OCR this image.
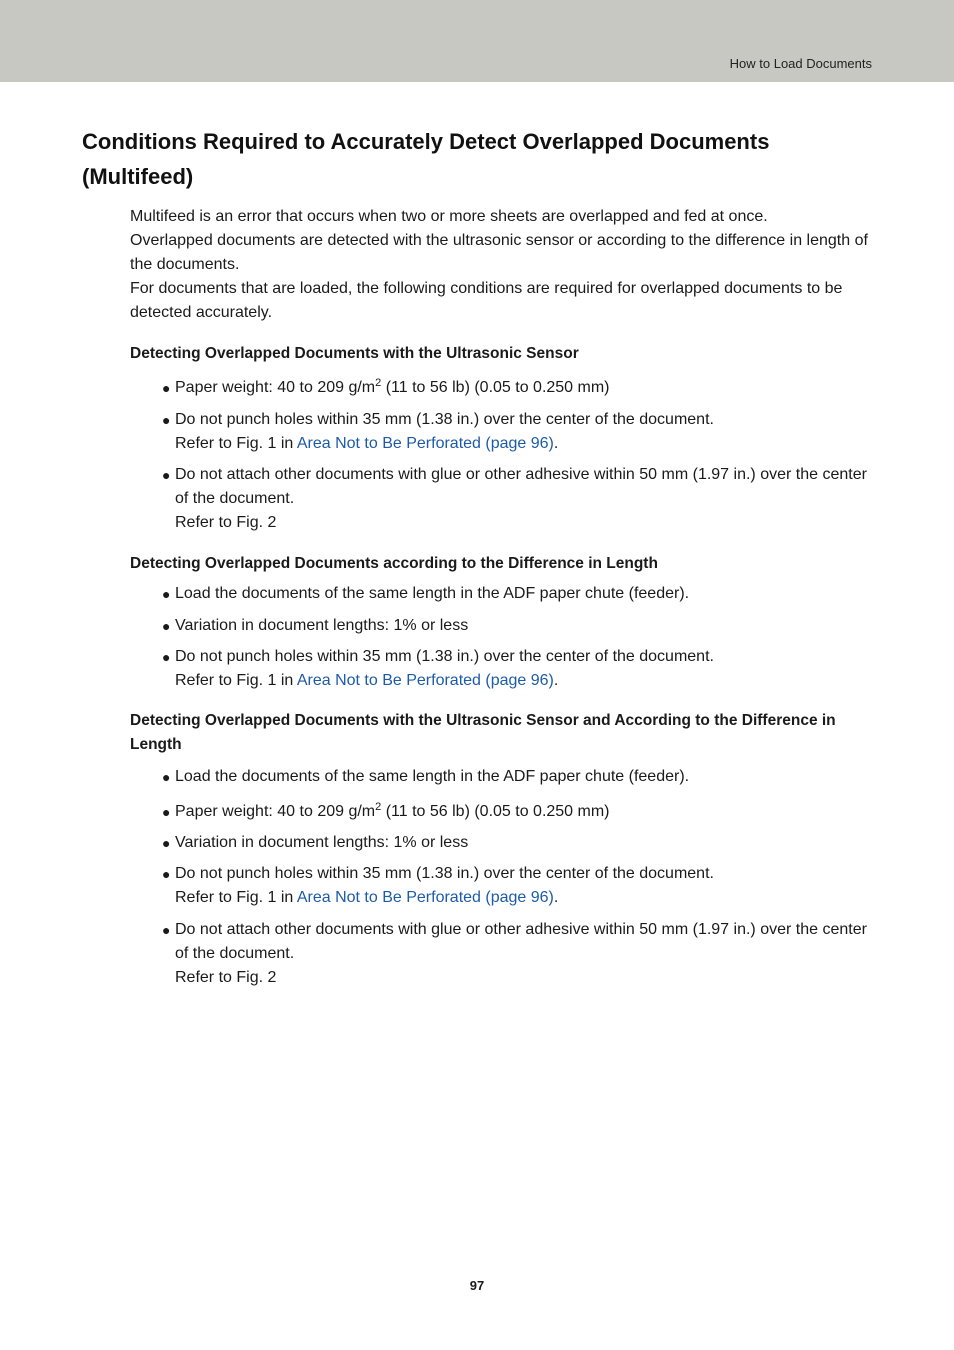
How to Load Documents
Conditions Required to Accurately Detect Overlapped Documents (Multifeed)

Multifeed is an error that occurs when two or more sheets are overlapped and fed at once.

Overlapped documents are detected with the ultrasonic sensor or according to the difference in length of the documents.

For documents that are loaded, the following conditions are required for overlapped documents to be detected accurately.

Detecting Overlapped Documents with the Ultrasonic Sensor
● Paper weight: 40 to 209 $g/m^2$ (11 to 56 lb) (0.05 to 0.250 mm)
● Do not punch holes within 35 mm (1.38 in.) over the center of the document.
Refer to Fig. 1 in Area Not to Be Perforated (page 96).
● Do not attach other documents with glue or other adhesive within 50 mm (1.97 in.) over the center of the document.
Refer to Fig. 2
Detecting Overlapped Documents according to the Difference in Length
● Load the documents of the same length in the ADF paper chute (feeder).
● Variation in document lengths: 1% or less
● Do not punch holes within 35 mm (1.38 in.) over the center of the document.
Refer to Fig. 1 in Area Not to Be Perforated (page 96).
Detecting Overlapped Documents with the Ultrasonic Sensor and According to the Difference in Length
● Load the documents of the same length in the ADF paper chute (feeder).
● Paper weight: 40 to 209 $g/m^2$ (11 to 56 lb) (0.05 to 0.250 mm)
● Variation in document lengths: 1% or less
● Do not punch holes within 35 mm (1.38 in.) over the center of the document.
Refer to Fig. 1 in Area Not to Be Perforated (page 96).
● Do not attach other documents with glue or other adhesive within 50 mm (1.97 in.) over the center of the document.
Refer to Fig. 2
97
